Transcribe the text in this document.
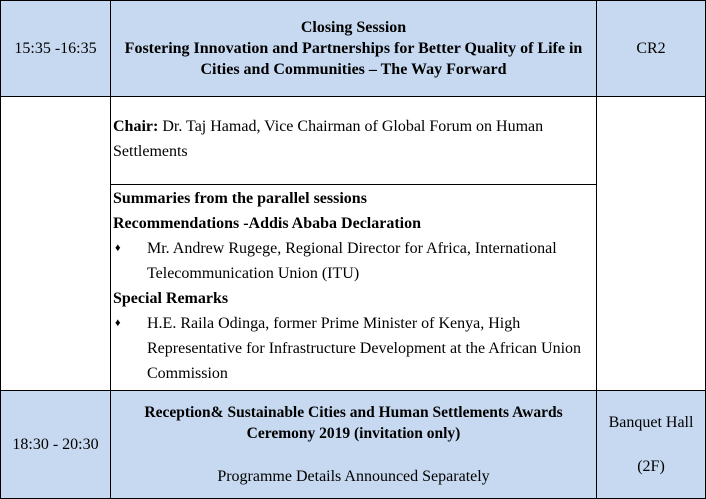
15:35 -16:35
Closing Session
Fostering Innovation and Partnerships for Better Quality of Life in Cities and Communities – The Way Forward
CR2
Chair: Dr. Taj Hamad, Vice Chairman of Global Forum on Human Settlements
Summaries from the parallel sessions
Recommendations -Addis Ababa Declaration
♦	Mr. Andrew Rugege, Regional Director for Africa, International Telecommunication Union (ITU)
Special Remarks
♦	H.E. Raila Odinga, former Prime Minister of Kenya, High Representative for Infrastructure Development at the African Union Commission
18:30 - 20:30
Reception& Sustainable Cities and Human Settlements Awards Ceremony 2019 (invitation only)
Programme Details Announced Separately
Banquet Hall
(2F)
